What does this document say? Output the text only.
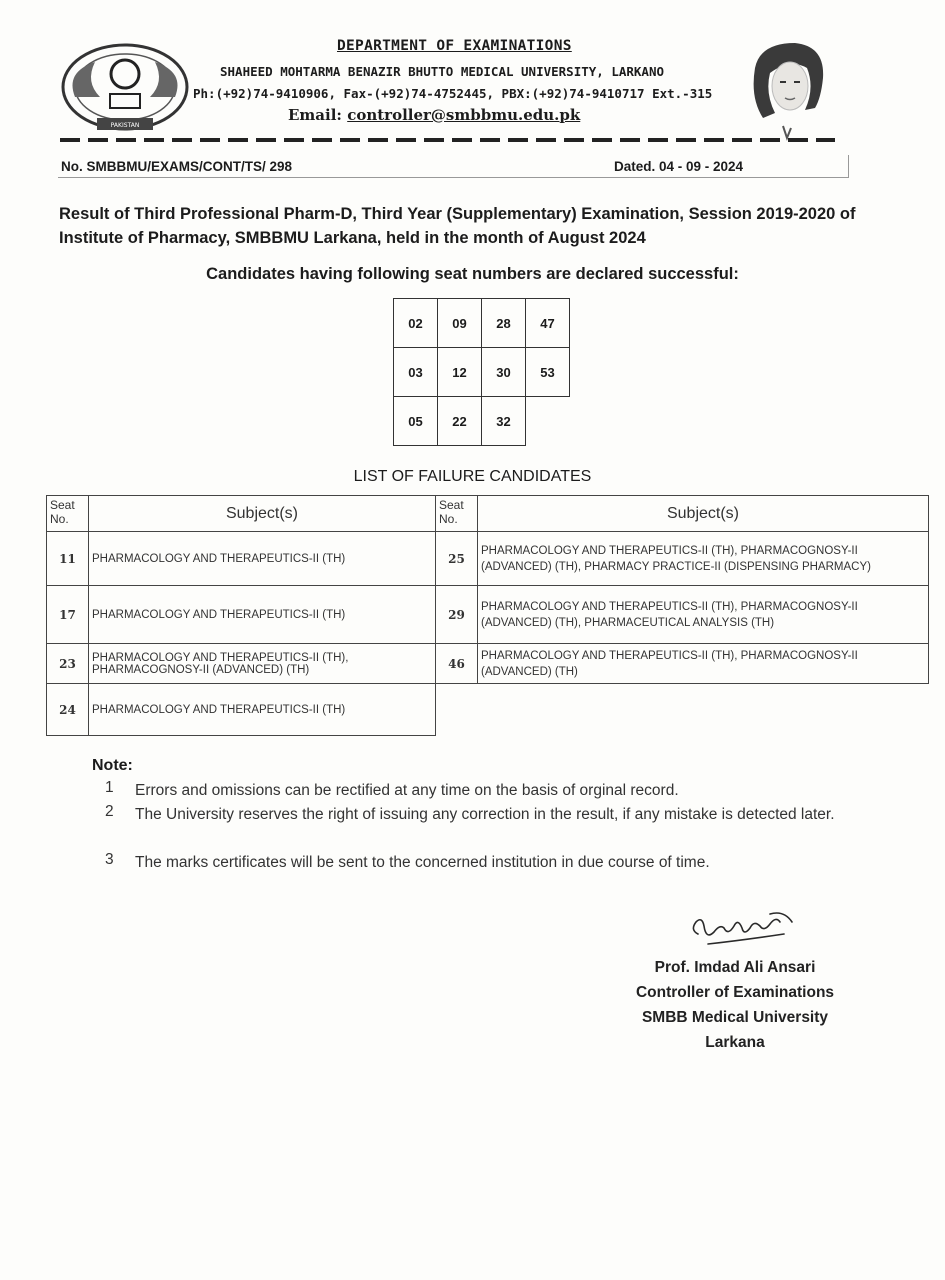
PAKISTAN
DEPARTMENT OF EXAMINATIONS
SHAHEED MOHTARMA BENAZIR BHUTTO MEDICAL UNIVERSITY, LARKANO
Ph:(+92)74-9410906, Fax-(+92)74-4752445, PBX:(+92)74-9410717 Ext.-315
Email: controller@smbbmu.edu.pk
No. SMBBMU/EXAMS/CONT/TS/ 298	Dated. 04 - 09 - 2024
Result of Third Professional Pharm-D, Third Year (Supplementary) Examination, Session 2019-2020 of Institute of Pharmacy, SMBBMU Larkana, held in the month of August 2024
Candidates having following seat numbers are declared successful:
02	09	28	47
03	12	30	53
05	22	32	
LIST OF FAILURE CANDIDATES
Seat No.	Subject(s)	Seat No.	Subject(s)
11	PHARMACOLOGY AND THERAPEUTICS-II (TH)	25	PHARMACOLOGY AND THERAPEUTICS-II (TH), PHARMACOGNOSY-II (ADVANCED) (TH), PHARMACY PRACTICE-II (DISPENSING PHARMACY)
17	PHARMACOLOGY AND THERAPEUTICS-II (TH)	29	PHARMACOLOGY AND THERAPEUTICS-II (TH), PHARMACOGNOSY-II (ADVANCED) (TH), PHARMACEUTICAL ANALYSIS (TH)
23	PHARMACOLOGY AND THERAPEUTICS-II (TH), PHARMACOGNOSY-II (ADVANCED) (TH)	46	PHARMACOLOGY AND THERAPEUTICS-II (TH), PHARMACOGNOSY-II (ADVANCED) (TH)
24	PHARMACOLOGY AND THERAPEUTICS-II (TH)		
Note:
1 Errors and omissions can be rectified at any time on the basis of orginal record.
2 The University reserves the right of issuing any correction in the result, if any mistake is detected later.
3 The marks certificates will be sent to the concerned institution in due course of time.
Prof. Imdad Ali Ansari
Controller of Examinations
SMBB Medical University
Larkana
